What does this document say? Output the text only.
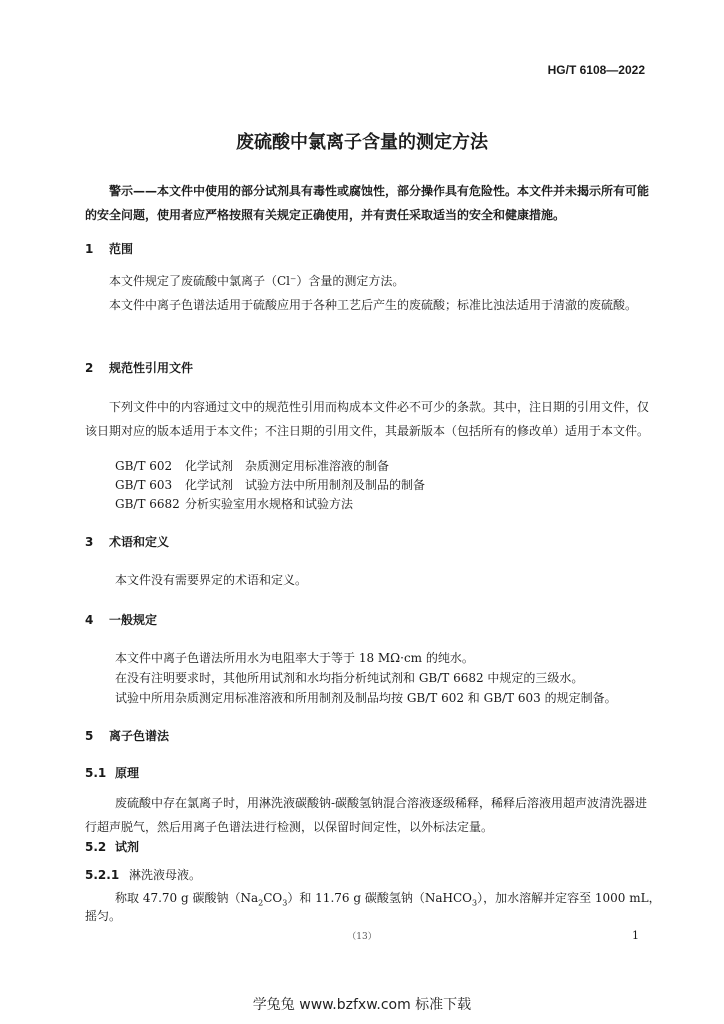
HG/T 6108—2022
废硫酸中氯离子含量的测定方法
警示——本文件中使用的部分试剂具有毒性或腐蚀性，部分操作具有危险性。本文件并未揭示所有可能的安全问题，使用者应严格按照有关规定正确使用，并有责任采取适当的安全和健康措施。
1 范围
本文件规定了废硫酸中氯离子（Cl⁻）含量的测定方法。
本文件中离子色谱法适用于硫酸应用于各种工艺后产生的废硫酸；标准比浊法适用于清澈的废硫酸。
2 规范性引用文件
下列文件中的内容通过文中的规范性引用而构成本文件必不可少的条款。其中，注日期的引用文件，仅该日期对应的版本适用于本文件；不注日期的引用文件，其最新版本（包括所有的修改单）适用于本文件。
GB/T 602 化学试剂 杂质测定用标准溶液的制备
GB/T 603 化学试剂 试验方法中所用制剂及制品的制备
GB/T 6682 分析实验室用水规格和试验方法
3 术语和定义
本文件没有需要界定的术语和定义。
4 一般规定
本文件中离子色谱法所用水为电阻率大于等于 18 MΩ·cm 的纯水。
在没有注明要求时，其他所用试剂和水均指分析纯试剂和 GB/T 6682 中规定的三级水。
试验中所用杂质测定用标准溶液和所用制剂及制品均按 GB/T 602 和 GB/T 603 的规定制备。
5 离子色谱法
5.1 原理
废硫酸中存在氯离子时，用淋洗液碳酸钠-碳酸氢钠混合溶液逐级稀释，稀释后溶液用超声波清洗器进行超声脱气，然后用离子色谱法进行检测，以保留时间定性，以外标法定量。
5.2 试剂
5.2.1 淋洗液母液。
称取 47.70 g 碳酸钠$(Na_2CO_3)$和 11.76 g 碳酸氢钠（NaHCO$_3$），加水溶解并定容至 1000 mL，
摇匀。
（13）	1
学兔兔 www.bzfxw.com 标准下载
